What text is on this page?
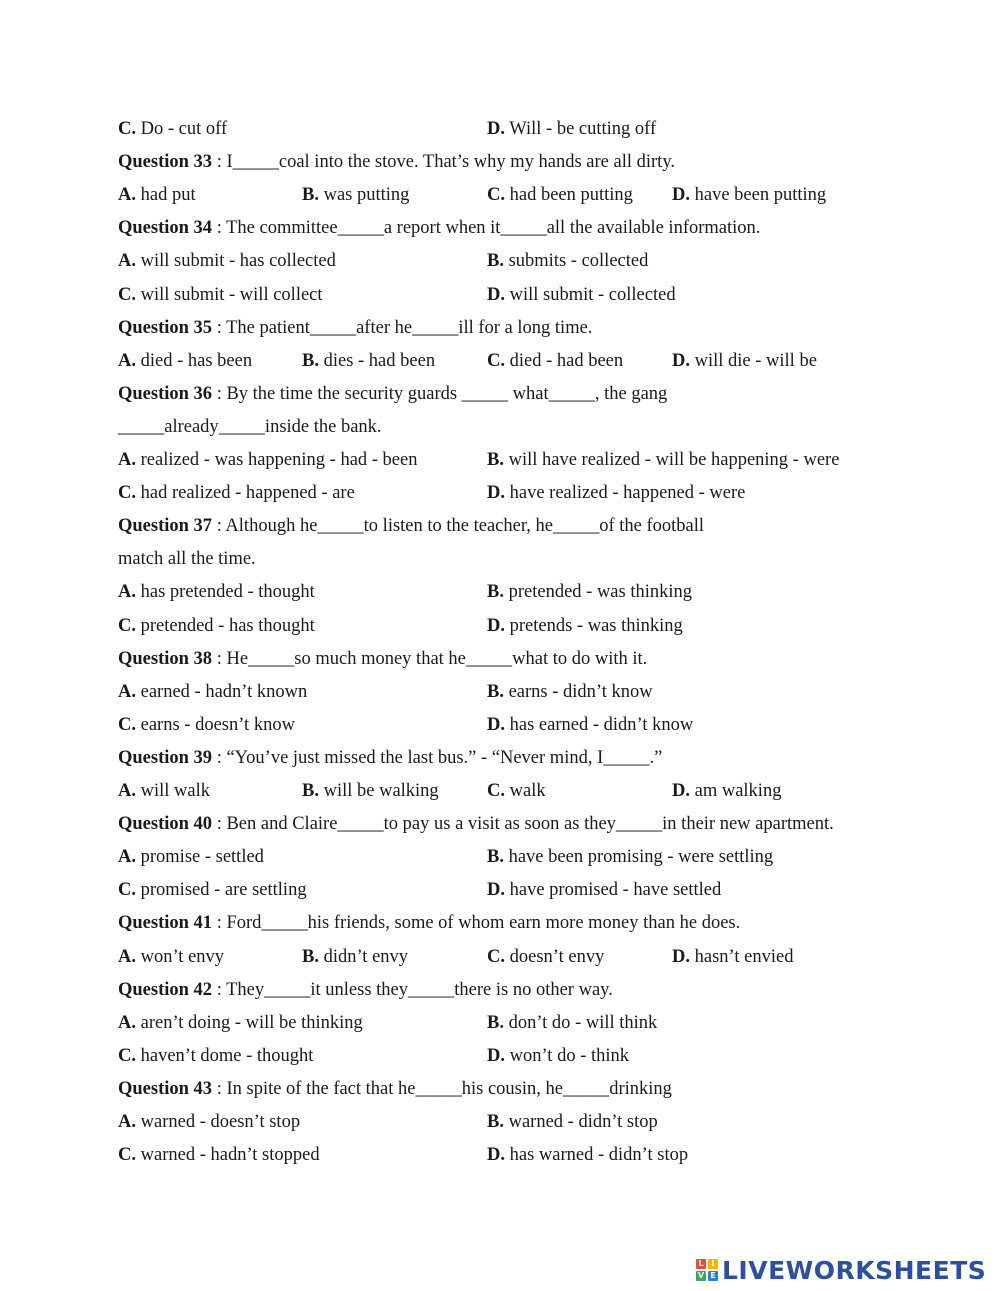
C. Do - cut off	D. Will - be cutting off
Question 33 : I_____coal into the stove. That’s why my hands are all dirty.
A. had put	B. was putting	C. had been putting D. have been putting
Question 34 : The committee_____a report when it_____all the available information.
A. will submit - has collected	B. submits - collected
C. will submit - will collect	D. will submit - collected
Question 35 : The patient_____after he_____ill for a long time.
A. died - has been	B. dies - had been	C. died - had been	D. will die - will be
Question 36 : By the time the security guards _____ what_____, the gang
_____already_____inside the bank.
A. realized - was happening - had - been	B. will have realized - will be happening - were
C. had realized - happened - are	D. have realized - happened - were
Question 37 : Although he_____to listen to the teacher, he_____of the football
match all the time.
A. has pretended - thought	B. pretended - was thinking
C. pretended - has thought	D. pretends - was thinking
Question 38 : He_____so much money that he_____what to do with it.
A. earned - hadn’t known	B. earns - didn’t know
C. earns - doesn’t know	D. has earned - didn’t know
Question 39 : “You’ve just missed the last bus.” - “Never mind, I_____.”
A. will walk	B. will be walking	C. walk	D. am walking
Question 40 : Ben and Claire_____to pay us a visit as soon as they_____in their new apartment.
A. promise - settled	B. have been promising - were settling
C. promised - are settling	D. have promised - have settled
Question 41 : Ford_____his friends, some of whom earn more money than he does.
A. won’t envy	B. didn’t envy	C. doesn’t envy	D. hasn’t envied
Question 42 : They_____it unless they_____there is no other way.
A. aren’t doing - will be thinking	B. don’t do - will think
C. haven’t dome - thought	D. won’t do - think
Question 43 : In spite of the fact that he_____his cousin, he_____drinking
A. warned - doesn’t stop	B. warned - didn’t stop
C. warned - hadn’t stopped	D. has warned - didn’t stop
L I
V E LIVEWORKSHEETS
